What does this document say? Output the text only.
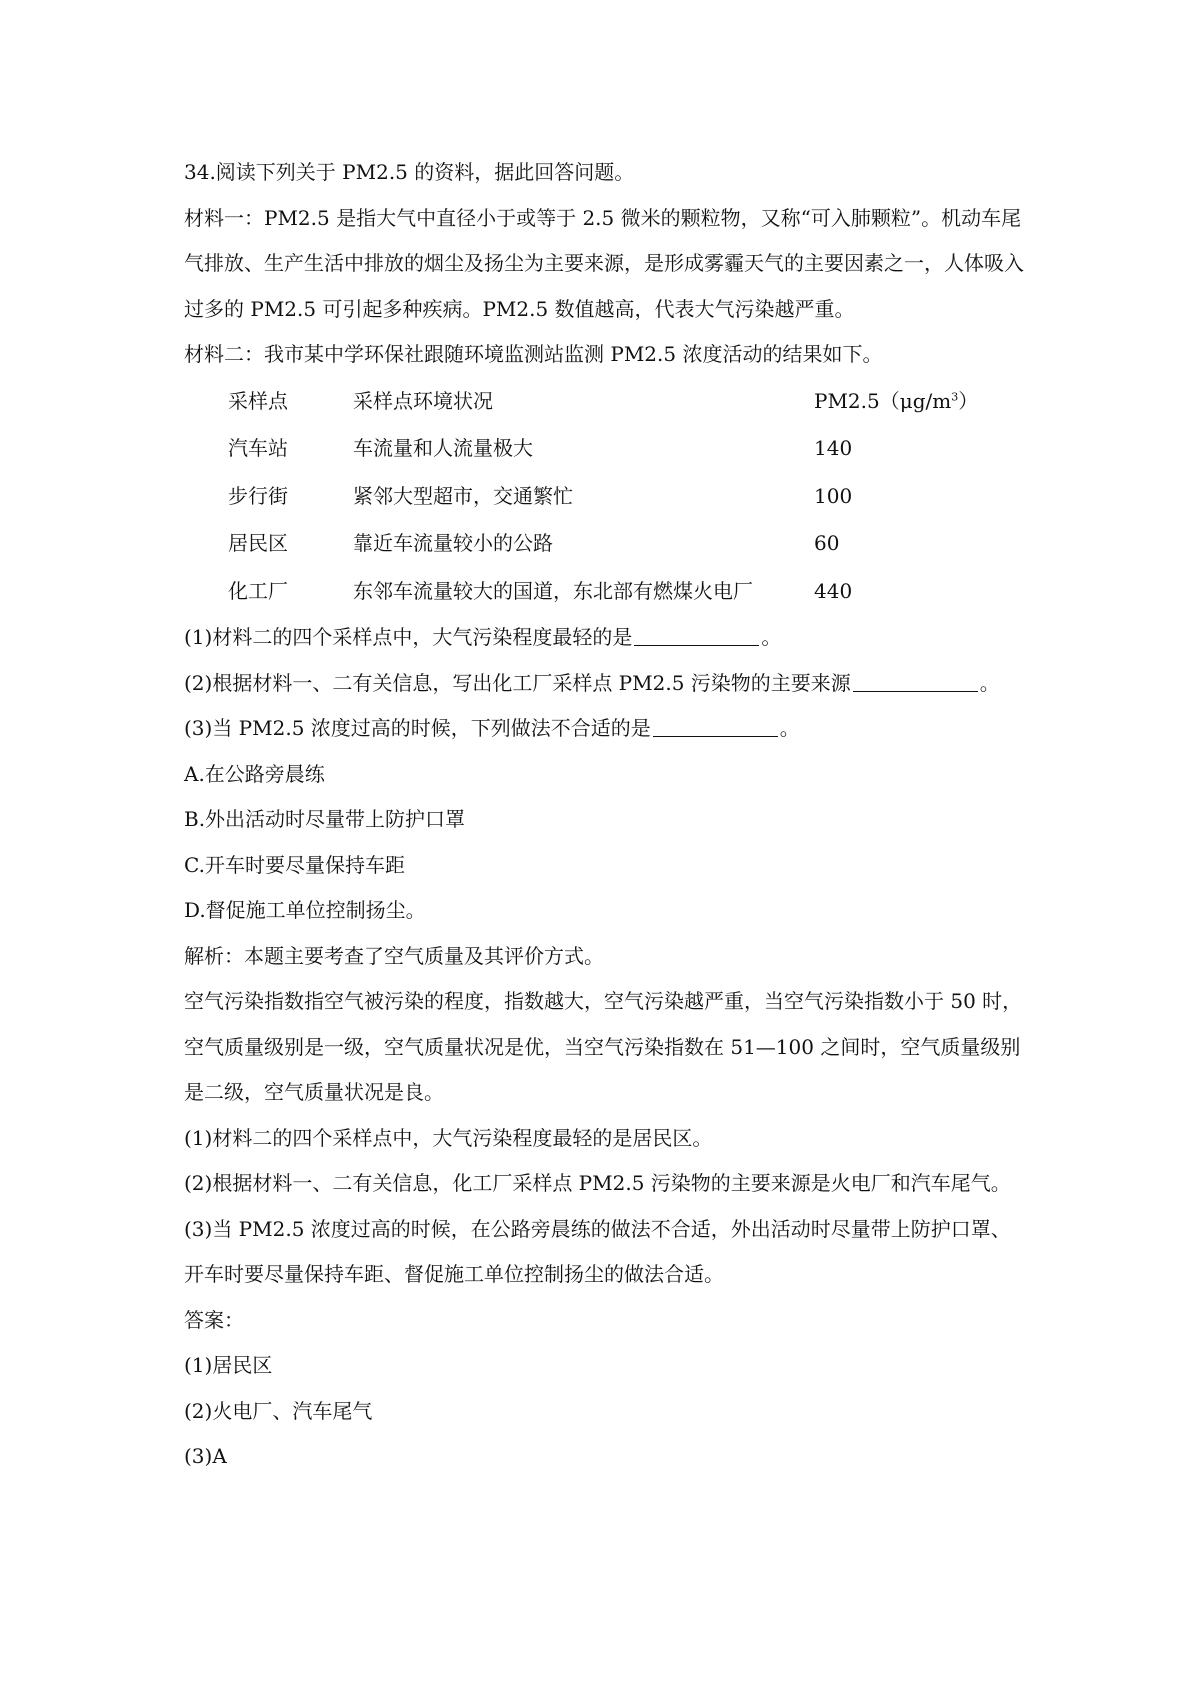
34.阅读下列关于 PM2.5 的资料，据此回答问题。
材料一：PM2.5 是指大气中直径小于或等于 2.5 微米的颗粒物，又称“可入肺颗粒”。机动车尾气排放、生产生活中排放的烟尘及扬尘为主要来源，是形成雾霾天气的主要因素之一，人体吸入过多的 PM2.5 可引起多种疾病。PM2.5 数值越高，代表大气污染越严重。
材料二：我市某中学环保社跟随环境监测站监测 PM2.5 浓度活动的结果如下。
采样点	采样点环境状况	$PM2.5(\mu g/m^3)$
汽车站	车流量和人流量极大	140
步行街	紧邻大型超市，交通繁忙	100
居民区	靠近车流量较小的公路	60
化工厂	东邻车流量较大的国道，东北部有燃煤火电厂	440
(1)材料二的四个采样点中，大气污染程度最轻的是	。
(2)根据材料一、二有关信息，写出化工厂采样点 PM2.5 污染物的主要来源	。
(3)当 PM2.5 浓度过高的时候，下列做法不合适的是	。
A.在公路旁晨练
B.外出活动时尽量带上防护口罩
C.开车时要尽量保持车距
D.督促施工单位控制扬尘。
解析：本题主要考查了空气质量及其评价方式。
空气污染指数指空气被污染的程度，指数越大，空气污染越严重，当空气污染指数小于 50 时，空气质量级别是一级，空气质量状况是优，当空气污染指数在 51—100 之间时，空气质量级别是二级，空气质量状况是良。
(1)材料二的四个采样点中，大气污染程度最轻的是居民区。
(2)根据材料一、二有关信息，化工厂采样点 PM2.5 污染物的主要来源是火电厂和汽车尾气。
(3)当 PM2.5 浓度过高的时候，在公路旁晨练的做法不合适，外出活动时尽量带上防护口罩、开车时要尽量保持车距、督促施工单位控制扬尘的做法合适。
答案：
(1)居民区
(2)火电厂、汽车尾气
(3)A
